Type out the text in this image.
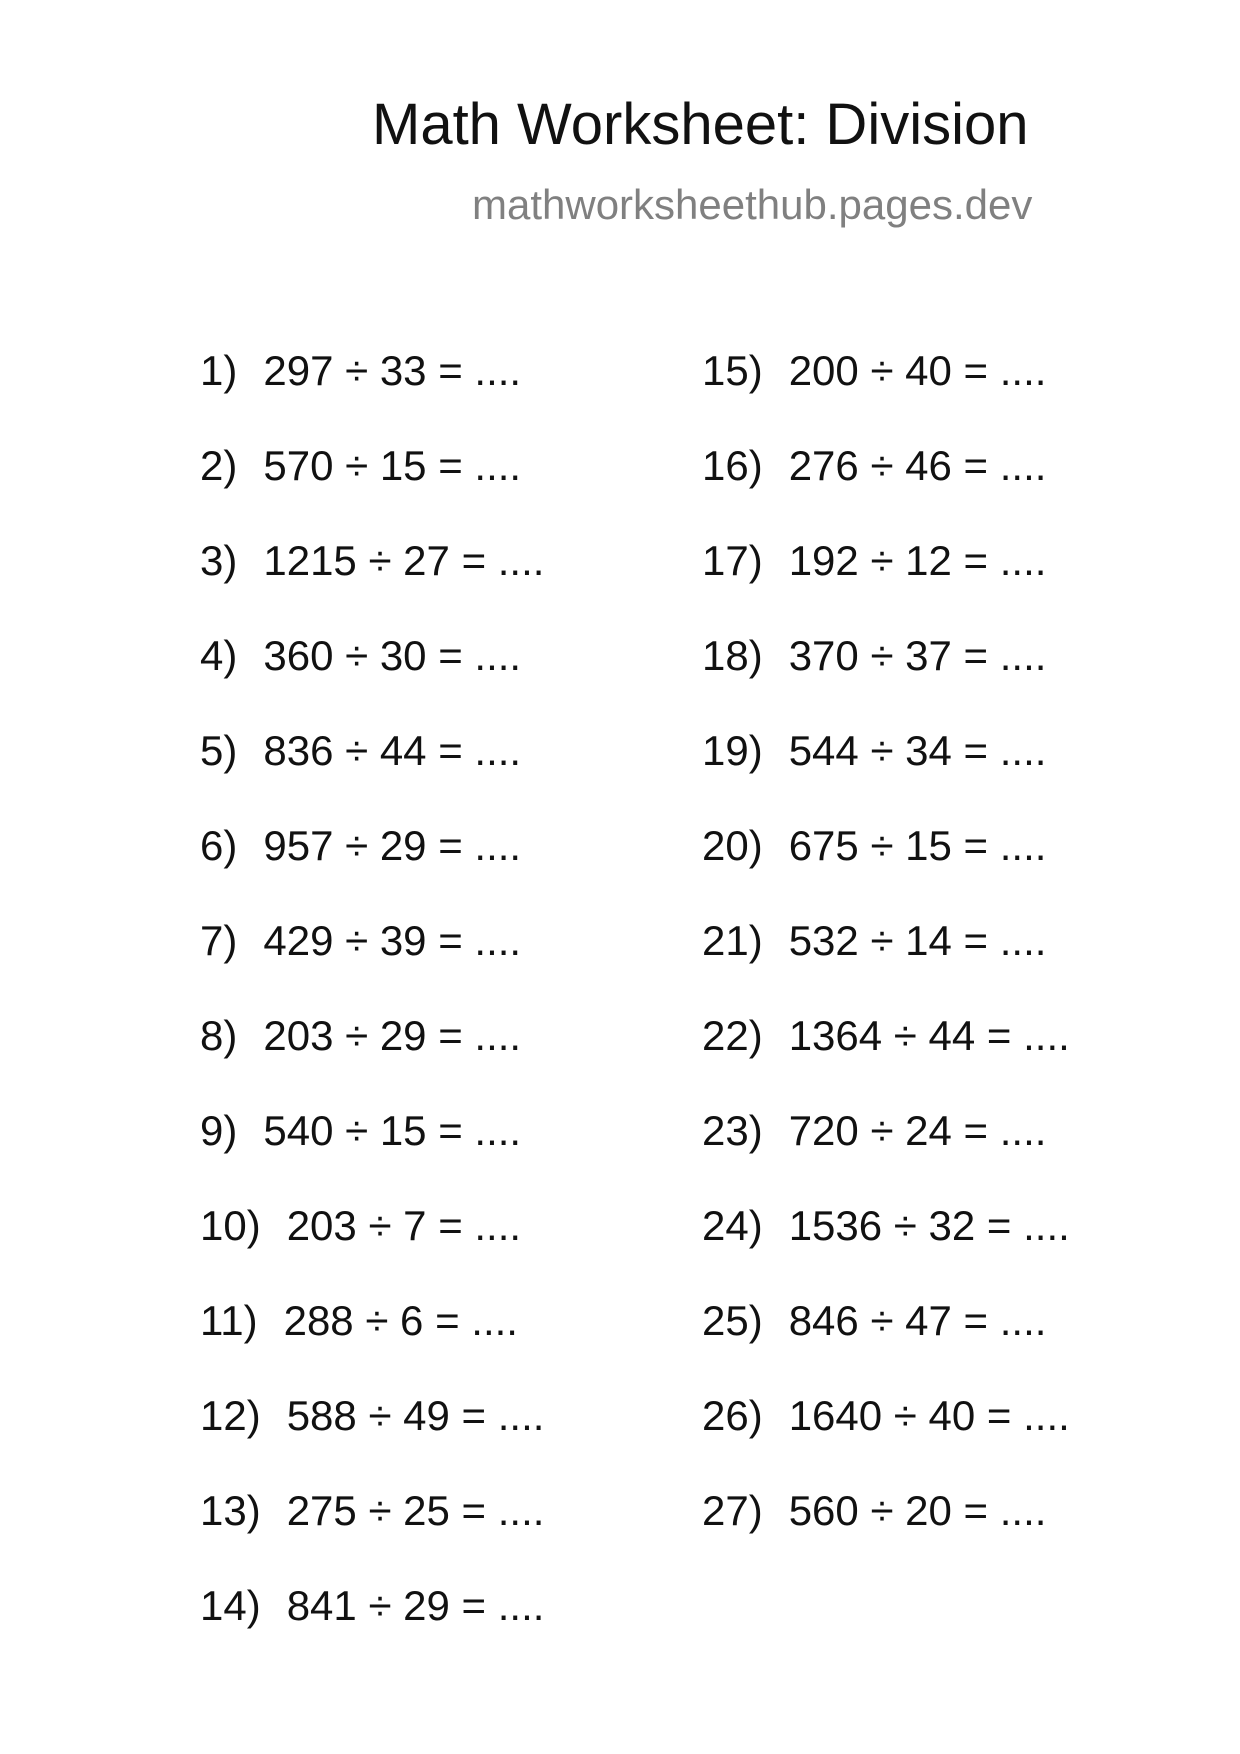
Math Worksheet: Division
mathworksheethub.pages.dev
1) 297 ÷ 33 = ....
2) 570 ÷ 15 = ....
3) 1215 ÷ 27 = ....
4) 360 ÷ 30 = ....
5) 836 ÷ 44 = ....
6) 957 ÷ 29 = ....
7) 429 ÷ 39 = ....
8) 203 ÷ 29 = ....
9) 540 ÷ 15 = ....
10) 203 ÷ 7 = ....
11) 288 ÷ 6 = ....
12) 588 ÷ 49 = ....
13) 275 ÷ 25 = ....
14) 841 ÷ 29 = ....
15) 200 ÷ 40 = ....
16) 276 ÷ 46 = ....
17) 192 ÷ 12 = ....
18) 370 ÷ 37 = ....
19) 544 ÷ 34 = ....
20) 675 ÷ 15 = ....
21) 532 ÷ 14 = ....
22) 1364 ÷ 44 = ....
23) 720 ÷ 24 = ....
24) 1536 ÷ 32 = ....
25) 846 ÷ 47 = ....
26) 1640 ÷ 40 = ....
27) 560 ÷ 20 = ....
